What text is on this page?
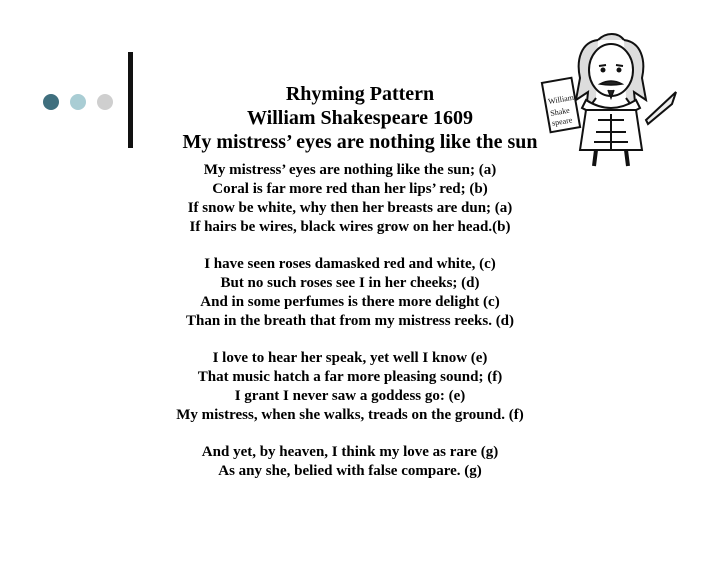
Rhyming Pattern
William Shakespeare 1609
My mistress’ eyes are nothing like the sun
William
Shake
speare
My mistress’ eyes are nothing like the sun; (a)
Coral is far more red than her lips’ red; (b)
If snow be white, why then her breasts are dun; (a)
If hairs be wires, black wires grow on her head.(b)
I have seen roses damasked red and white, (c)
But no such roses see I in her cheeks; (d)
And in some perfumes is there more delight (c)
Than in the breath that from my mistress reeks. (d)
I love to hear her speak, yet well I know (e)
That music hatch a far more pleasing sound; (f)
I grant I never saw a goddess go: (e)
My mistress, when she walks, treads on the ground. (f)
And yet, by heaven, I think my love as rare (g)
As any she, belied with false compare. (g)
